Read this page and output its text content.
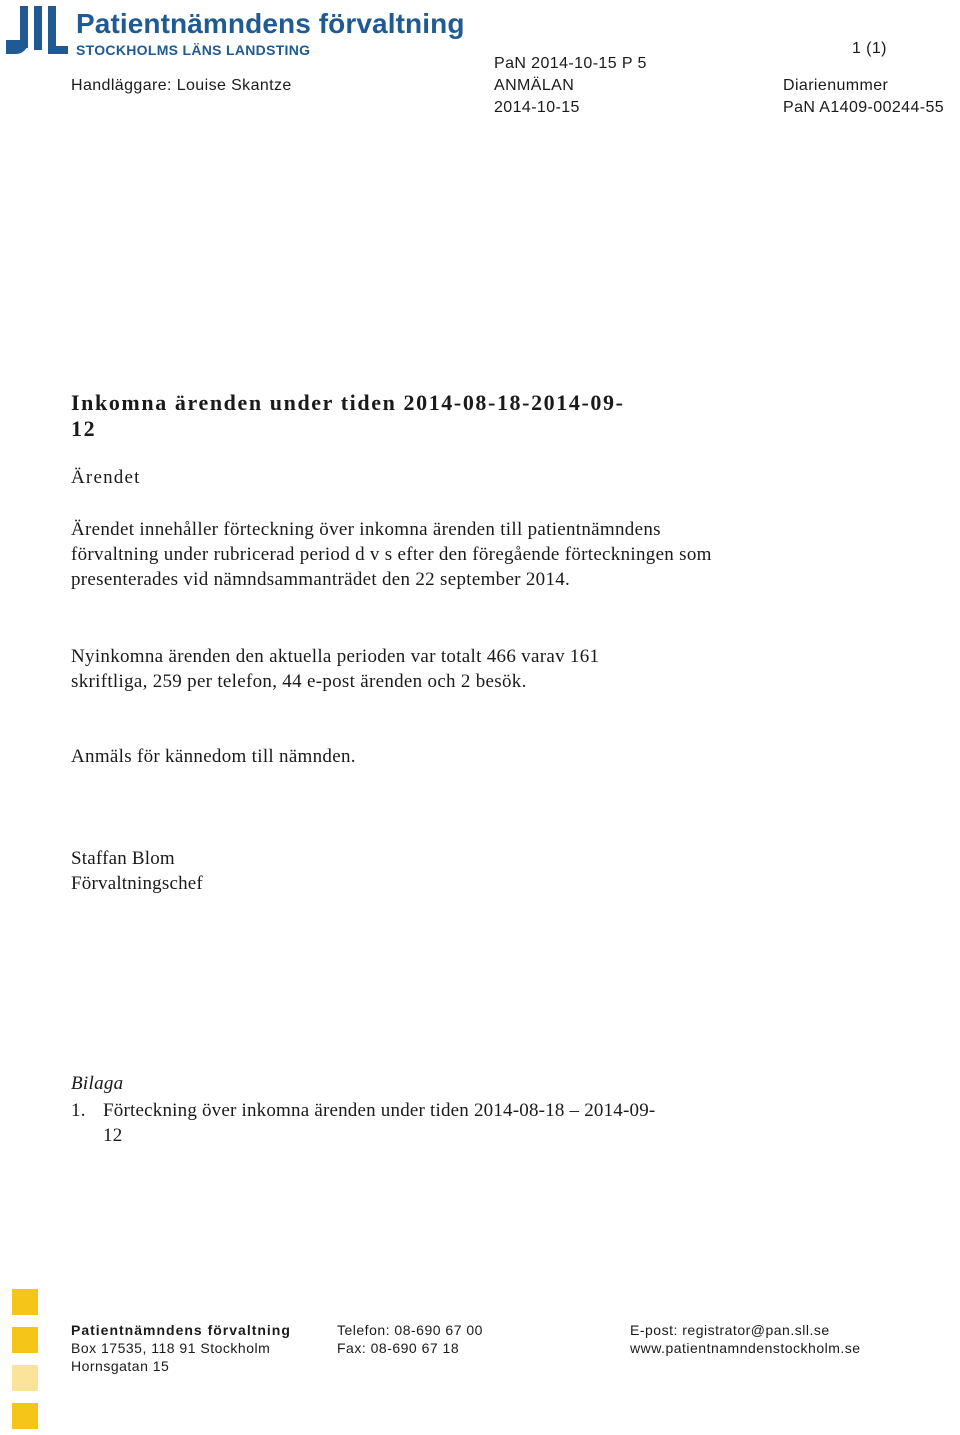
Patientnämndens förvaltning
STOCKHOLMS LÄNS LANDSTING	1 (1)
Handläggare: Louise Skantze
PaN 2014-10-15 P 5
ANMÄLAN
2014-10-15
Diarienummer
PaN A1409-00244-55
Inkomna ärenden under tiden 2014-08-18-2014-09-12
Ärendet
Ärendet innehåller förteckning över inkomna ärenden till patientnämndens förvaltning under rubricerad period d v s efter den föregående förteckningen som presenterades vid nämndsammanträdet den 22 september 2014.
Nyinkomna ärenden den aktuella perioden var totalt 466 varav 161 skriftliga, 259 per telefon, 44 e-post ärenden och 2 besök.
Anmäls för kännedom till nämnden.
Staffan Blom
Förvaltningschef
Bilaga
1. Förteckning över inkomna ärenden under tiden 2014-08-18 – 2014-09-12
Patientnämndens förvaltning
Box 17535, 118 91 Stockholm
Hornsgatan 15
Telefon: 08-690 67 00
Fax: 08-690 67 18
E-post: registrator@pan.sll.se
www.patientnamndenstockholm.se
